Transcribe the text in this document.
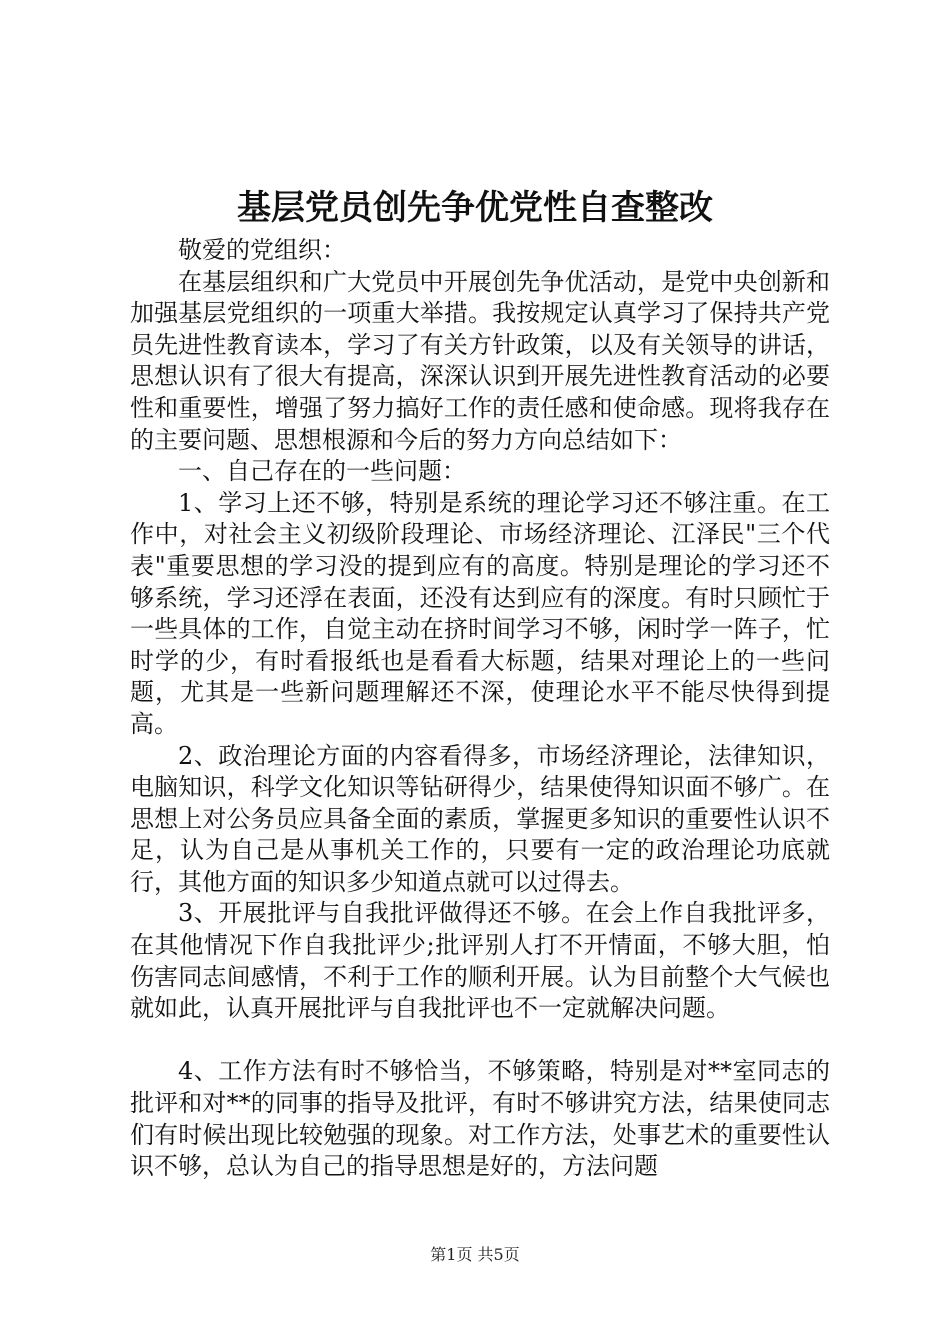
基层党员创先争优党性自查整改

敬爱的党组织：

在基层组织和广大党员中开展创先争优活动，是党中央创新和加强基层党组织的一项重大举措。我按规定认真学习了保持共产党员先进性教育读本，学习了有关方针政策，以及有关领导的讲话，思想认识有了很大有提高，深深认识到开展先进性教育活动的必要性和重要性，增强了努力搞好工作的责任感和使命感。现将我存在的主要问题、思想根源和今后的努力方向总结如下：

一、自己存在的一些问题：

1、学习上还不够，特别是系统的理论学习还不够注重。在工作中，对社会主义初级阶段理论、市场经济理论、江泽民"三个代表"重要思想的学习没的提到应有的高度。特别是理论的学习还不够系统，学习还浮在表面，还没有达到应有的深度。有时只顾忙于一些具体的工作，自觉主动在挤时间学习不够，闲时学一阵子，忙时学的少，有时看报纸也是看看大标题，结果对理论上的一些问题，尤其是一些新问题理解还不深，使理论水平不能尽快得到提高。

2、政治理论方面的内容看得多，市场经济理论，法律知识，电脑知识，科学文化知识等钻研得少，结果使得知识面不够广。在思想上对公务员应具备全面的素质，掌握更多知识的重要性认识不足，认为自己是从事机关工作的，只要有一定的政治理论功底就行，其他方面的知识多少知道点就可以过得去。

3、开展批评与自我批评做得还不够。在会上作自我批评多，在其他情况下作自我批评少;批评别人打不开情面，不够大胆，怕伤害同志间感情，不利于工作的顺利开展。认为目前整个大气候也就如此，认真开展批评与自我批评也不一定就解决问题。

4、工作方法有时不够恰当，不够策略，特别是对**室同志的批评和对**的同事的指导及批评，有时不够讲究方法，结果使同志们有时候出现比较勉强的现象。对工作方法，处事艺术的重要性认识不够，总认为自己的指导思想是好的，方法问题

第1页 共5页
